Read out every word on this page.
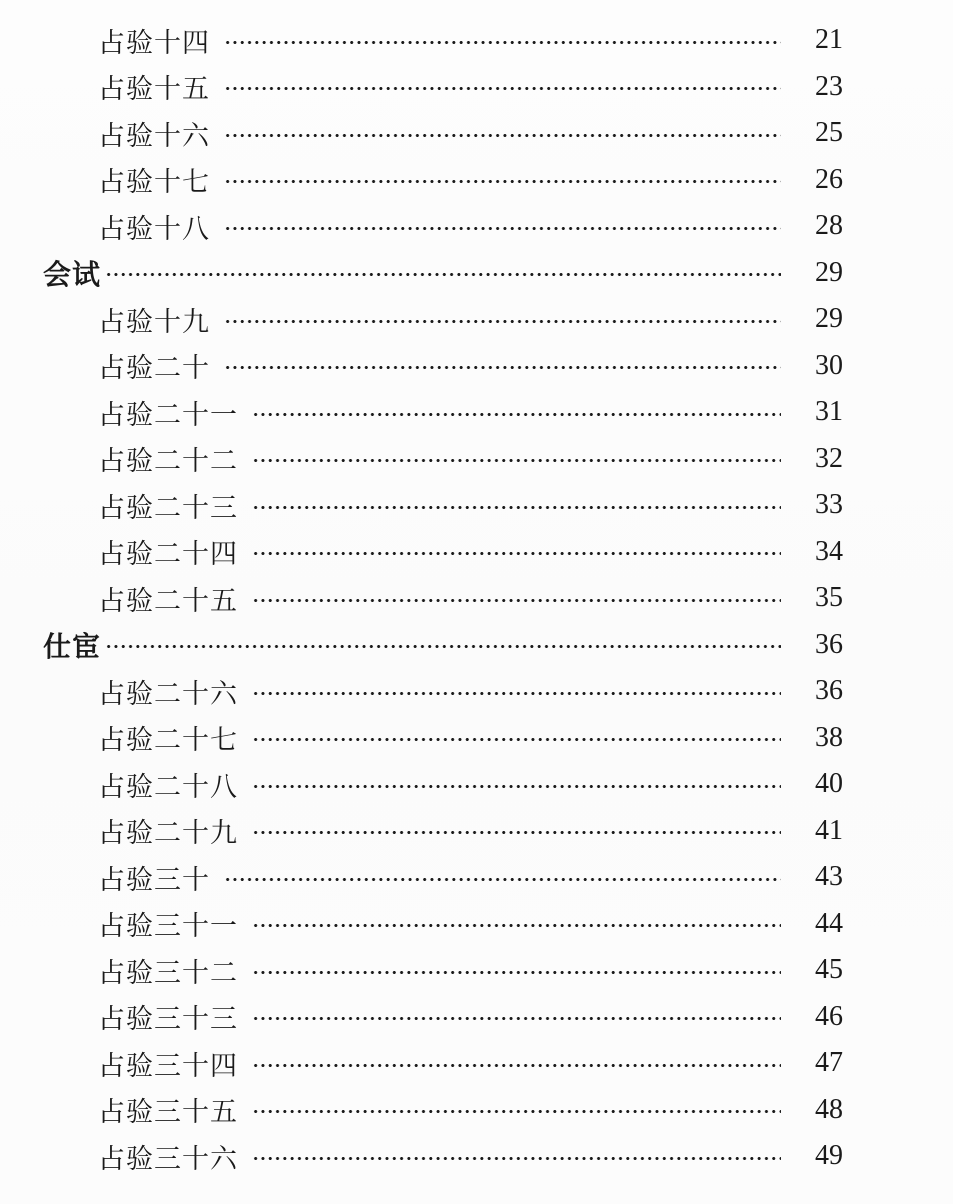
占验十四	21
占验十五	23
占验十六	25
占验十七	26
占验十八	28
会试	29
占验十九	29
占验二十	30
占验二十一	31
占验二十二	32
占验二十三	33
占验二十四	34
占验二十五	35
仕宦	36
占验二十六	36
占验二十七	38
占验二十八	40
占验二十九	41
占验三十	43
占验三十一	44
占验三十二	45
占验三十三	46
占验三十四	47
占验三十五	48
占验三十六	49
